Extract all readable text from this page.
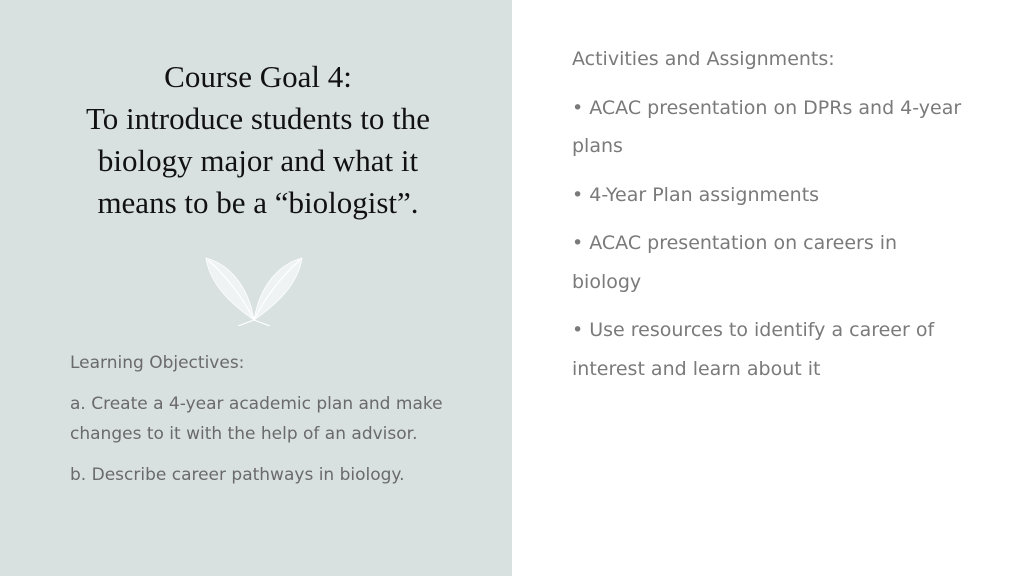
Course Goal 4:
To introduce students to the
biology major and what it
means to be a “biologist”.
Learning Objectives:
a. Create a 4-year academic plan and make changes to it with the help of an advisor.
b. Describe career pathways in biology.
Activities and Assignments:
• ACAC presentation on DPRs and 4-year plans
• 4-Year Plan assignments
• ACAC presentation on careers in biology
• Use resources to identify a career of interest and learn about it
